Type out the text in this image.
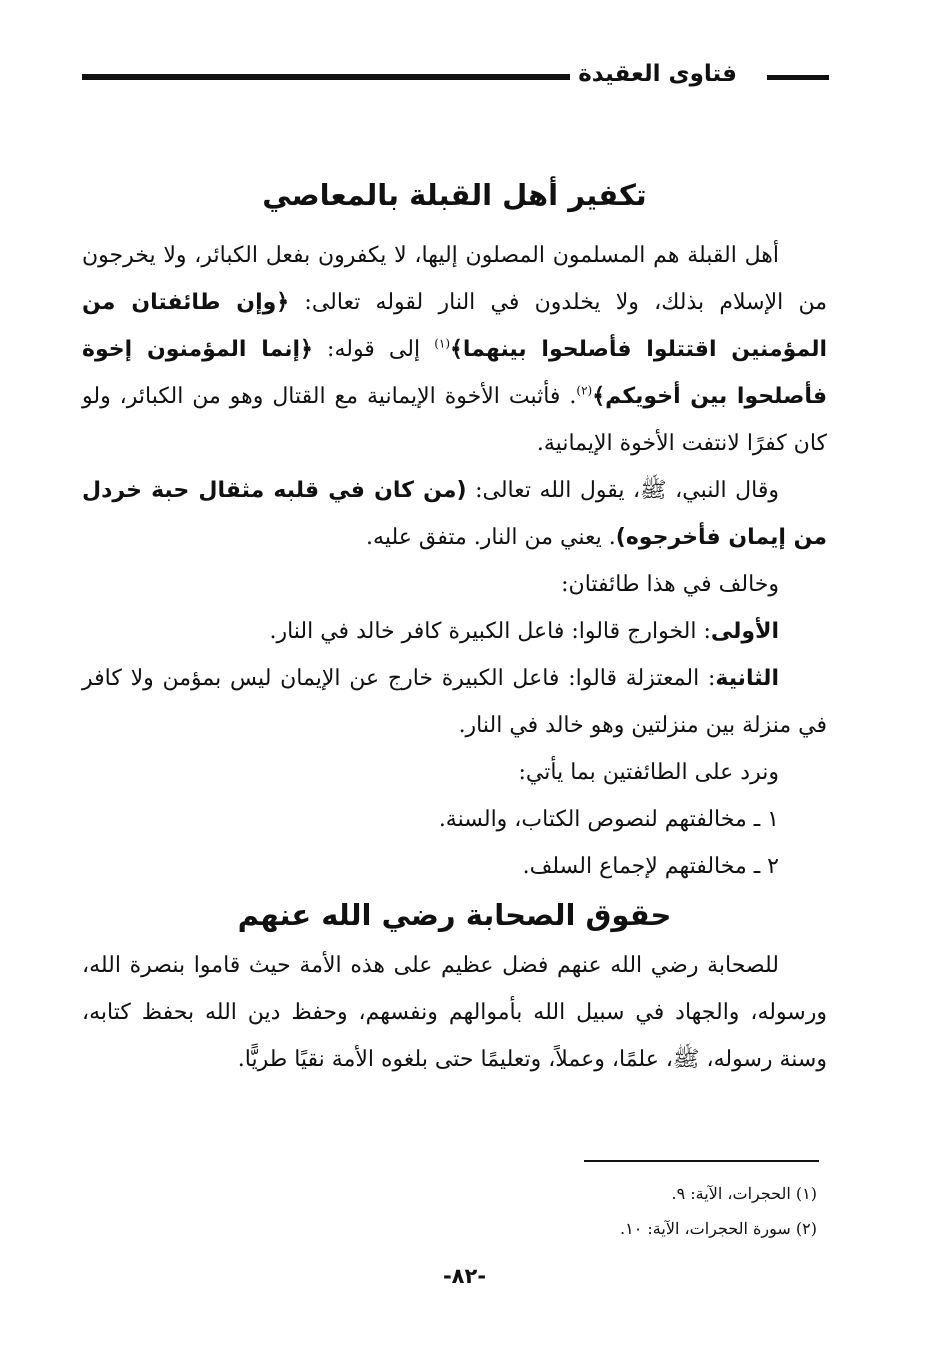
فتاوى العقيدة
تكفير أهل القبلة بالمعاصي

أهل القبلة هم المسلمون المصلون إليها، لا يكفرون بفعل الكبائر، ولا يخرجون من الإسلام بذلك، ولا يخلدون في النار لقوله تعالى: ﴿وإن طائفتان من المؤمنين اقتتلوا فأصلحوا بينهما﴾$^{(١)}$ إلى قوله: ﴿إنما المؤمنون إخوة فأصلحوا بين أخويكم﴾$^{(٢)}$. فأثبت الأخوة الإيمانية مع القتال وهو من الكبائر، ولو كان كفرًا لانتفت الأخوة الإيمانية.

وقال النبي، ﷺ، يقول الله تعالى: (من كان في قلبه مثقال حبة خردل من إيمان فأخرجوه). يعني من النار. متفق عليه.

وخالف في هذا طائفتان:

الأولى: الخوارج قالوا: فاعل الكبيرة كافر خالد في النار.

الثانية: المعتزلة قالوا: فاعل الكبيرة خارج عن الإيمان ليس بمؤمن ولا كافر في منزلة بين منزلتين وهو خالد في النار.

ونرد على الطائفتين بما يأتي:

١ ـ مخالفتهم لنصوص الكتاب، والسنة.

٢ ـ مخالفتهم لإجماع السلف.

حقوق الصحابة رضي الله عنهم

للصحابة رضي الله عنهم فضل عظيم على هذه الأمة حيث قاموا بنصرة الله، ورسوله، والجهاد في سبيل الله بأموالهم ونفسهم، وحفظ دين الله بحفظ كتابه، وسنة رسوله، ﷺ، علمًا، وعملاً، وتعليمًا حتى بلغوه الأمة نقيًا طريًّا.

(١) الحجرات، الآية: ٩.
(٢) سورة الحجرات، الآية: ١٠.
-٨٢-
